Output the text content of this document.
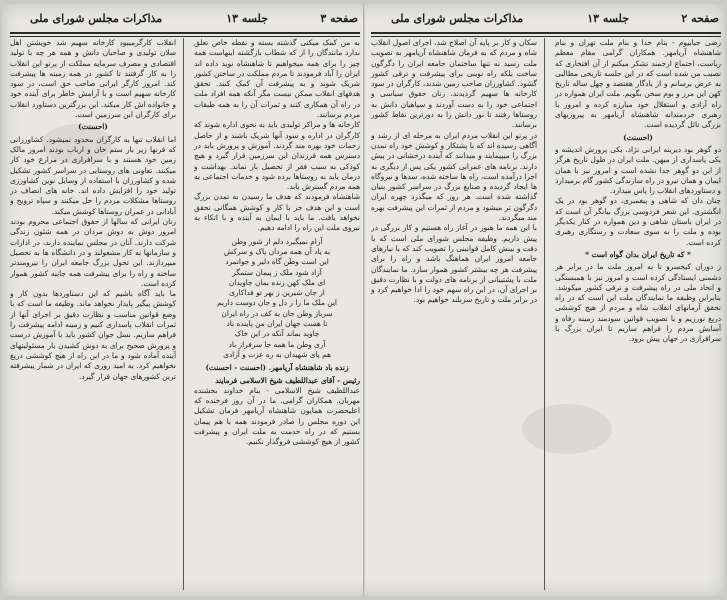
صفحه ۳
جلسه ۱۳
مذاکرات مجلس شورای ملی

به من کمک میکنی گذشته بسته و نقطه خاص تعلق ندارد مانندگان را از که شطاب بازگشته اینهاست همه چیز را برای همه میخواهیم تا شاهنشاه نوید داده اند ایران را آباد فرمودند تا مردم مملکت در ساختن کشور شریک شوند و به پیشرفت آن کمک کنند. تحقق هدفهای انقلاب ممکن نیست مگر آنکه همه افراد ملت در راه آن همکاری کنند و ثمرات آن را به همه طبقات مردم برسانند.

کارخانه ها و مراکز تولیدی باید به نحوی اداره شوند که کارگران در اداره و سود آنها شریک باشند و از حاصل زحمات خود بهره مند گردند. آموزش و پرورش باید در دسترس همه فرزندان این سرزمین قرار گیرد و هیچ کودکی به سبب فقر از تحصیل باز نماند. بهداشت و درمان باید به روستاها برده شود و خدمات اجتماعی به همه مردم گسترش یابد.

شاهنشاه فرمودند که هدف ما رسیدن به تمدن بزرگ است و این هدف جز با کار و کوشش همگانی تحقق نخواهد یافت. ما باید با ایمان به آینده و با اتکاء به نیروی ملت این راه را ادامه دهیم.

آرام نمیگیرد دلم از شور وطن
به یاد آن همه مردان پاک و سرکش
این است وطن گاه دلیر و جوانمرد
آزاد شود ملک ز پیمان ستمگر
ای ملک کهن زنده بمان جاویدان
از جان شیرین ز بهر تو فداکاری
این ملک ما را ز دل و جان دوست داریم
سرباز وطن جان به کف در راه ایران
تا هست جهان ایران من پاینده باد
جاوید بماند آنکه در این خاک
آری وطن ما همه جا سرفراز باد
هم پای شهیدان به ره عزت و آزادی

زنده باد شاهنشاه آریامهر. (احسنت - احسنت)

رئیس - آقای عبداللطیف شیخ الاسلامی فرمایند

عبداللطیف شیخ الاسلامی - بنام خداوند بخشنده مهربان. همکاران گرامی. ما در آن روز فرخنده که اعلیحضرت همایون شاهنشاه آریامهر فرمان تشکیل این دوره مجلس را صادر فرمودند همه با هم پیمان بستیم که در راه خدمت به ملت ایران و پیشرفت کشور از هیچ کوششی فروگذار نکنیم.

انقلاب کارگرمیبود کارخانه سهیم شد خویشتن اهل سلان تولیدی و صاحبان دانش و همه هر چه با تولید اقتصادی و مصرف سرمایه مملکت از پرتو این انقلاب را به کار گرفتند تا کشور در همه زمینه ها پیشرفت کند. امروز کارگر ایرانی صاحب حق است، در سود کارخانه سهیم است و با آرامش خاطر برای آینده خود و خانواده اش کار میکند. این بزرگترین دستاورد انقلاب برای کارگران این سرزمین است.

(احسنت)

اما انقلاب تنها به کارگران محدود نمیشود. کشاورزانی که قرنها زیر بار ستم خان و ارباب بودند امروز مالک زمین خود هستند و با سرافرازی در مزارع خود کار میکنند. تعاونی های روستایی در سراسر کشور تشکیل شده و کشاورزان با استفاده از وسایل نوین کشاورزی تولید خود را افزایش داده اند. خانه های انصاف در روستاها مشکلات مردم را حل میکنند و سپاه ترویج و آبادانی در عمران روستاها کوشش میکند.

زنان ایرانی که سالها از حقوق اجتماعی محروم بودند امروز دوش به دوش مردان در همه شئون زندگی شرکت دارند. آنان در مجلس نماینده دارند، در ادارات و سازمانها به کار مشغولند و در دانشگاه ها به تحصیل میپردازند. این تحول بزرگ جامعه ایران را نیرومندتر ساخته و راه را برای پیشرفت همه جانبه کشور هموار کرده است.

ما باید آگاه باشیم که این دستاوردها بدون کار و کوشش پیگیر پایدار نخواهد ماند. وظیفه ما است که با وضع قوانین مناسب و نظارت دقیق بر اجرای آنها از ثمرات انقلاب پاسداری کنیم و زمینه ادامه پیشرفت را فراهم سازیم. نسل جوان کشور باید با آموزش درست و پرورش صحیح برای به دوش کشیدن بار مسئولیتهای آینده آماده شود و ما در این راه از هیچ کوششی دریغ نخواهیم کرد. به امید روزی که ایران در شمار پیشرفته ترین کشورهای جهان قرار گیرد.

صفحه ۲
جلسه ۱۳
مذاکرات مجلس شورای ملی

رضی جبابیوم - بنام خدا و بنام ملت تهران و بنام شاهنشاه آریامهر. همکاران گرامی مقام معظم ریاست، اجتماع ارجمند تشکر میکنم از آن افتخاری که نصیب من شده است که در این جلسه تاریخی مطالبی به عرض برسانم و از یادگار هفتصد و چهل ساله تاریخ کهن این مرز و بوم سخن بگویم. ملت ایران همواره در راه آزادی و استقلال خود مبارزه کرده و امروز با رهبری خردمندانه شاهنشاه آریامهر به پیروزیهای بزرگی نائل گردیده است.

(احسنت)

دو گوهر بود دیرینه ایرانی نژاد، یکی پرورش اندیشه و یکی پاسداری از میهن. ملت ایران در طول تاریخ هرگز از این دو گوهر جدا نشده است و امروز نیز با همان ایمان و همان نیرو در راه سازندگی کشور گام برمیدارد و دستاوردهای انقلاب را پاس میدارد.

چنان دان که شاهی و پیغمبری، دو گوهر بود در یک انگشتری. این شعر فردوسی بزرگ بیانگر آن است که در ایران باستان شاهی و دین همواره در کنار یکدیگر بوده و ملت را به سوی سعادت و رستگاری رهبری کرده است.

* که تاریخ ایران بدان گواه است *

ز دوران کیخسرو تا به امروز ملت ما در برابر هر دشمنی ایستادگی کرده است و امروز نیز با همبستگی و اتحاد ملی در راه پیشرفت و ترقی کشور میکوشد. بنابراین وظیفه ما نمایندگان ملت این است که در راه تحقق آرمانهای انقلاب شاه و مردم از هیچ کوششی دریغ نورزیم و با تصویب قوانین سودمند زمینه رفاه و آسایش مردم را فراهم سازیم تا ایران بزرگ با سرافرازی در جهان پیش برود.

سکان و کار بر پایه آن اصلاح شد، اجرای اصول انقلاب شاه و مردم که به فرمان شاهنشاه آریامهر به تصویب ملت رسید نه تنها ساختمان جامعه ایران را دگرگون ساخت بلکه راه نوینی برای پیشرفت و ترقی کشور گشود. کشاورزان صاحب زمین شدند، کارگران در سود کارخانه ها سهیم گردیدند، زنان حقوق سیاسی و اجتماعی خود را به دست آوردند و سپاهیان دانش به روستاها رفتند تا نور دانش را به دورترین نقاط کشور برسانند.

در پرتو این انقلاب مردم ایران به مرحله ای از رشد و آگاهی رسیده اند که با پشتکار و کوشش خود راه تمدن بزرگ را میپیمایند و میدانند که آینده درخشانی در پیش دارند. برنامه های عمرانی کشور یکی پس از دیگری به اجرا درآمده است، راه ها ساخته شده، سدها و نیروگاه ها ایجاد گردیده و صنایع بزرگ در سراسر کشور بنیان گذاشته شده است. هر روز که میگذرد چهره ایران دگرگون تر میشود و مردم از ثمرات این پیشرفت بهره مند میگردند.

با این همه ما هنوز در آغاز راه هستیم و کار بزرگی در پیش داریم. وظیفه مجلس شورای ملی است که با دقت و بینش کامل قوانینی را تصویب کند که با نیازهای جامعه امروز ایران هماهنگ باشد و راه را برای پیشرفت هر چه بیشتر کشور هموار سازد. ما نمایندگان ملت با پشتیبانی از برنامه های دولت و با نظارت دقیق بر اجرای آن، در این راه سهم خود را ادا خواهیم کرد و در برابر ملت و تاریخ سربلند خواهیم بود.
